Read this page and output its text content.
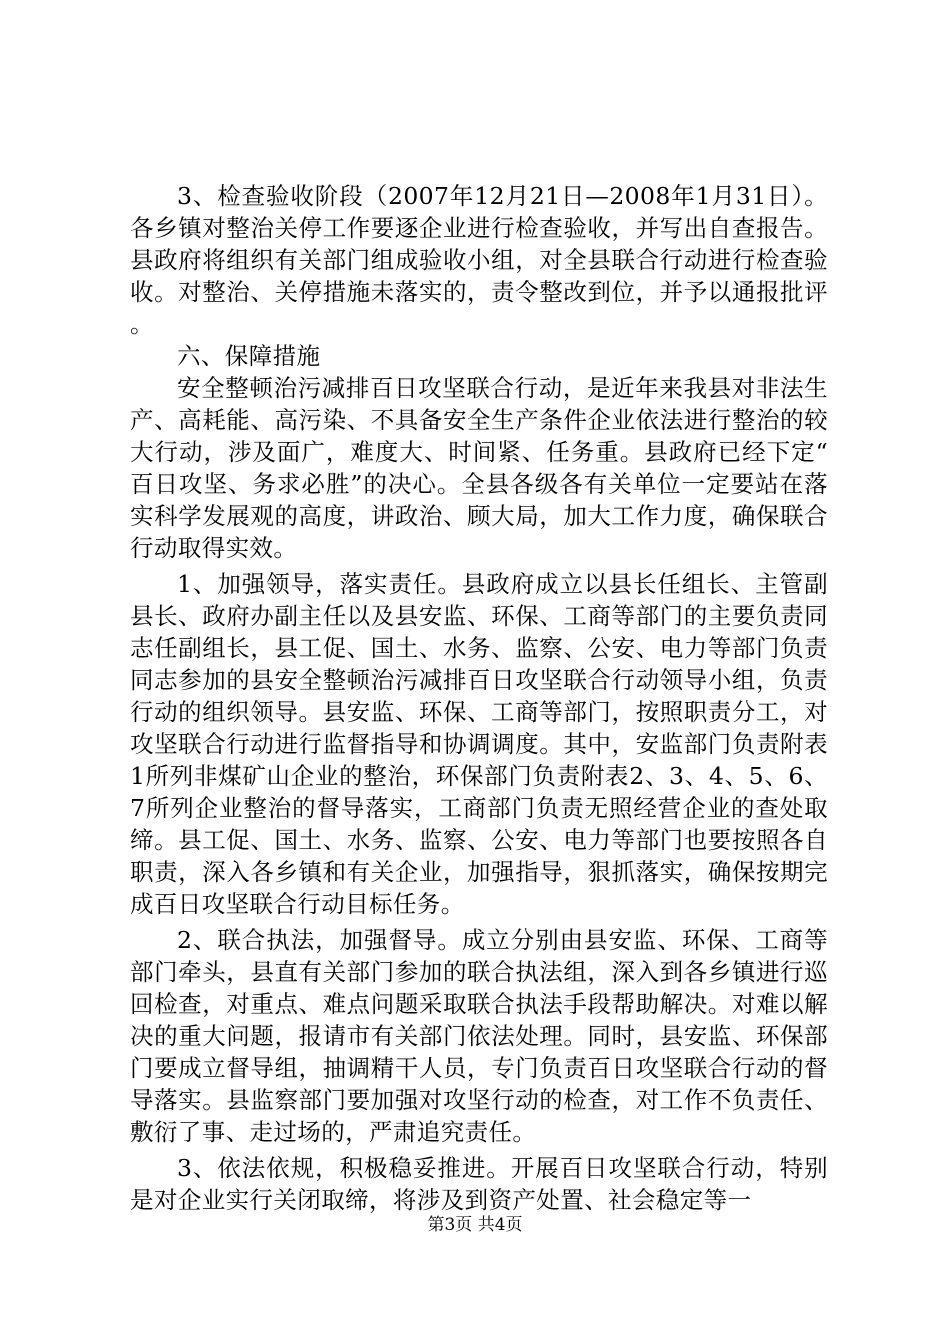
3、检查验收阶段（2007年12月21日—2008年1月31日）。各乡镇对整治关停工作要逐企业进行检查验收，并写出自查报告。县政府将组织有关部门组成验收小组，对全县联合行动进行检查验收。对整治、关停措施未落实的，责令整改到位，并予以通报批评。

六、保障措施

安全整顿治污减排百日攻坚联合行动，是近年来我县对非法生产、高耗能、高污染、不具备安全生产条件企业依法进行整治的较大行动，涉及面广，难度大、时间紧、任务重。县政府已经下定“百日攻坚、务求必胜”的决心。全县各级各有关单位一定要站在落实科学发展观的高度，讲政治、顾大局，加大工作力度，确保联合行动取得实效。

1、加强领导，落实责任。县政府成立以县长任组长、主管副县长、政府办副主任以及县安监、环保、工商等部门的主要负责同志任副组长，县工促、国土、水务、监察、公安、电力等部门负责同志参加的县安全整顿治污减排百日攻坚联合行动领导小组，负责行动的组织领导。县安监、环保、工商等部门，按照职责分工，对攻坚联合行动进行监督指导和协调调度。其中，安监部门负责附表1所列非煤矿山企业的整治，环保部门负责附表2、3、4、5、6、7所列企业整治的督导落实，工商部门负责无照经营企业的查处取缔。县工促、国土、水务、监察、公安、电力等部门也要按照各自职责，深入各乡镇和有关企业，加强指导，狠抓落实，确保按期完成百日攻坚联合行动目标任务。

2、联合执法，加强督导。成立分别由县安监、环保、工商等部门牵头，县直有关部门参加的联合执法组，深入到各乡镇进行巡回检查，对重点、难点问题采取联合执法手段帮助解决。对难以解决的重大问题，报请市有关部门依法处理。同时，县安监、环保部门要成立督导组，抽调精干人员，专门负责百日攻坚联合行动的督导落实。县监察部门要加强对攻坚行动的检查，对工作不负责任、敷衍了事、走过场的，严肃追究责任。

3、依法依规，积极稳妥推进。开展百日攻坚联合行动，特别是对企业实行关闭取缔，将涉及到资产处置、社会稳定等一

第3页 共4页
